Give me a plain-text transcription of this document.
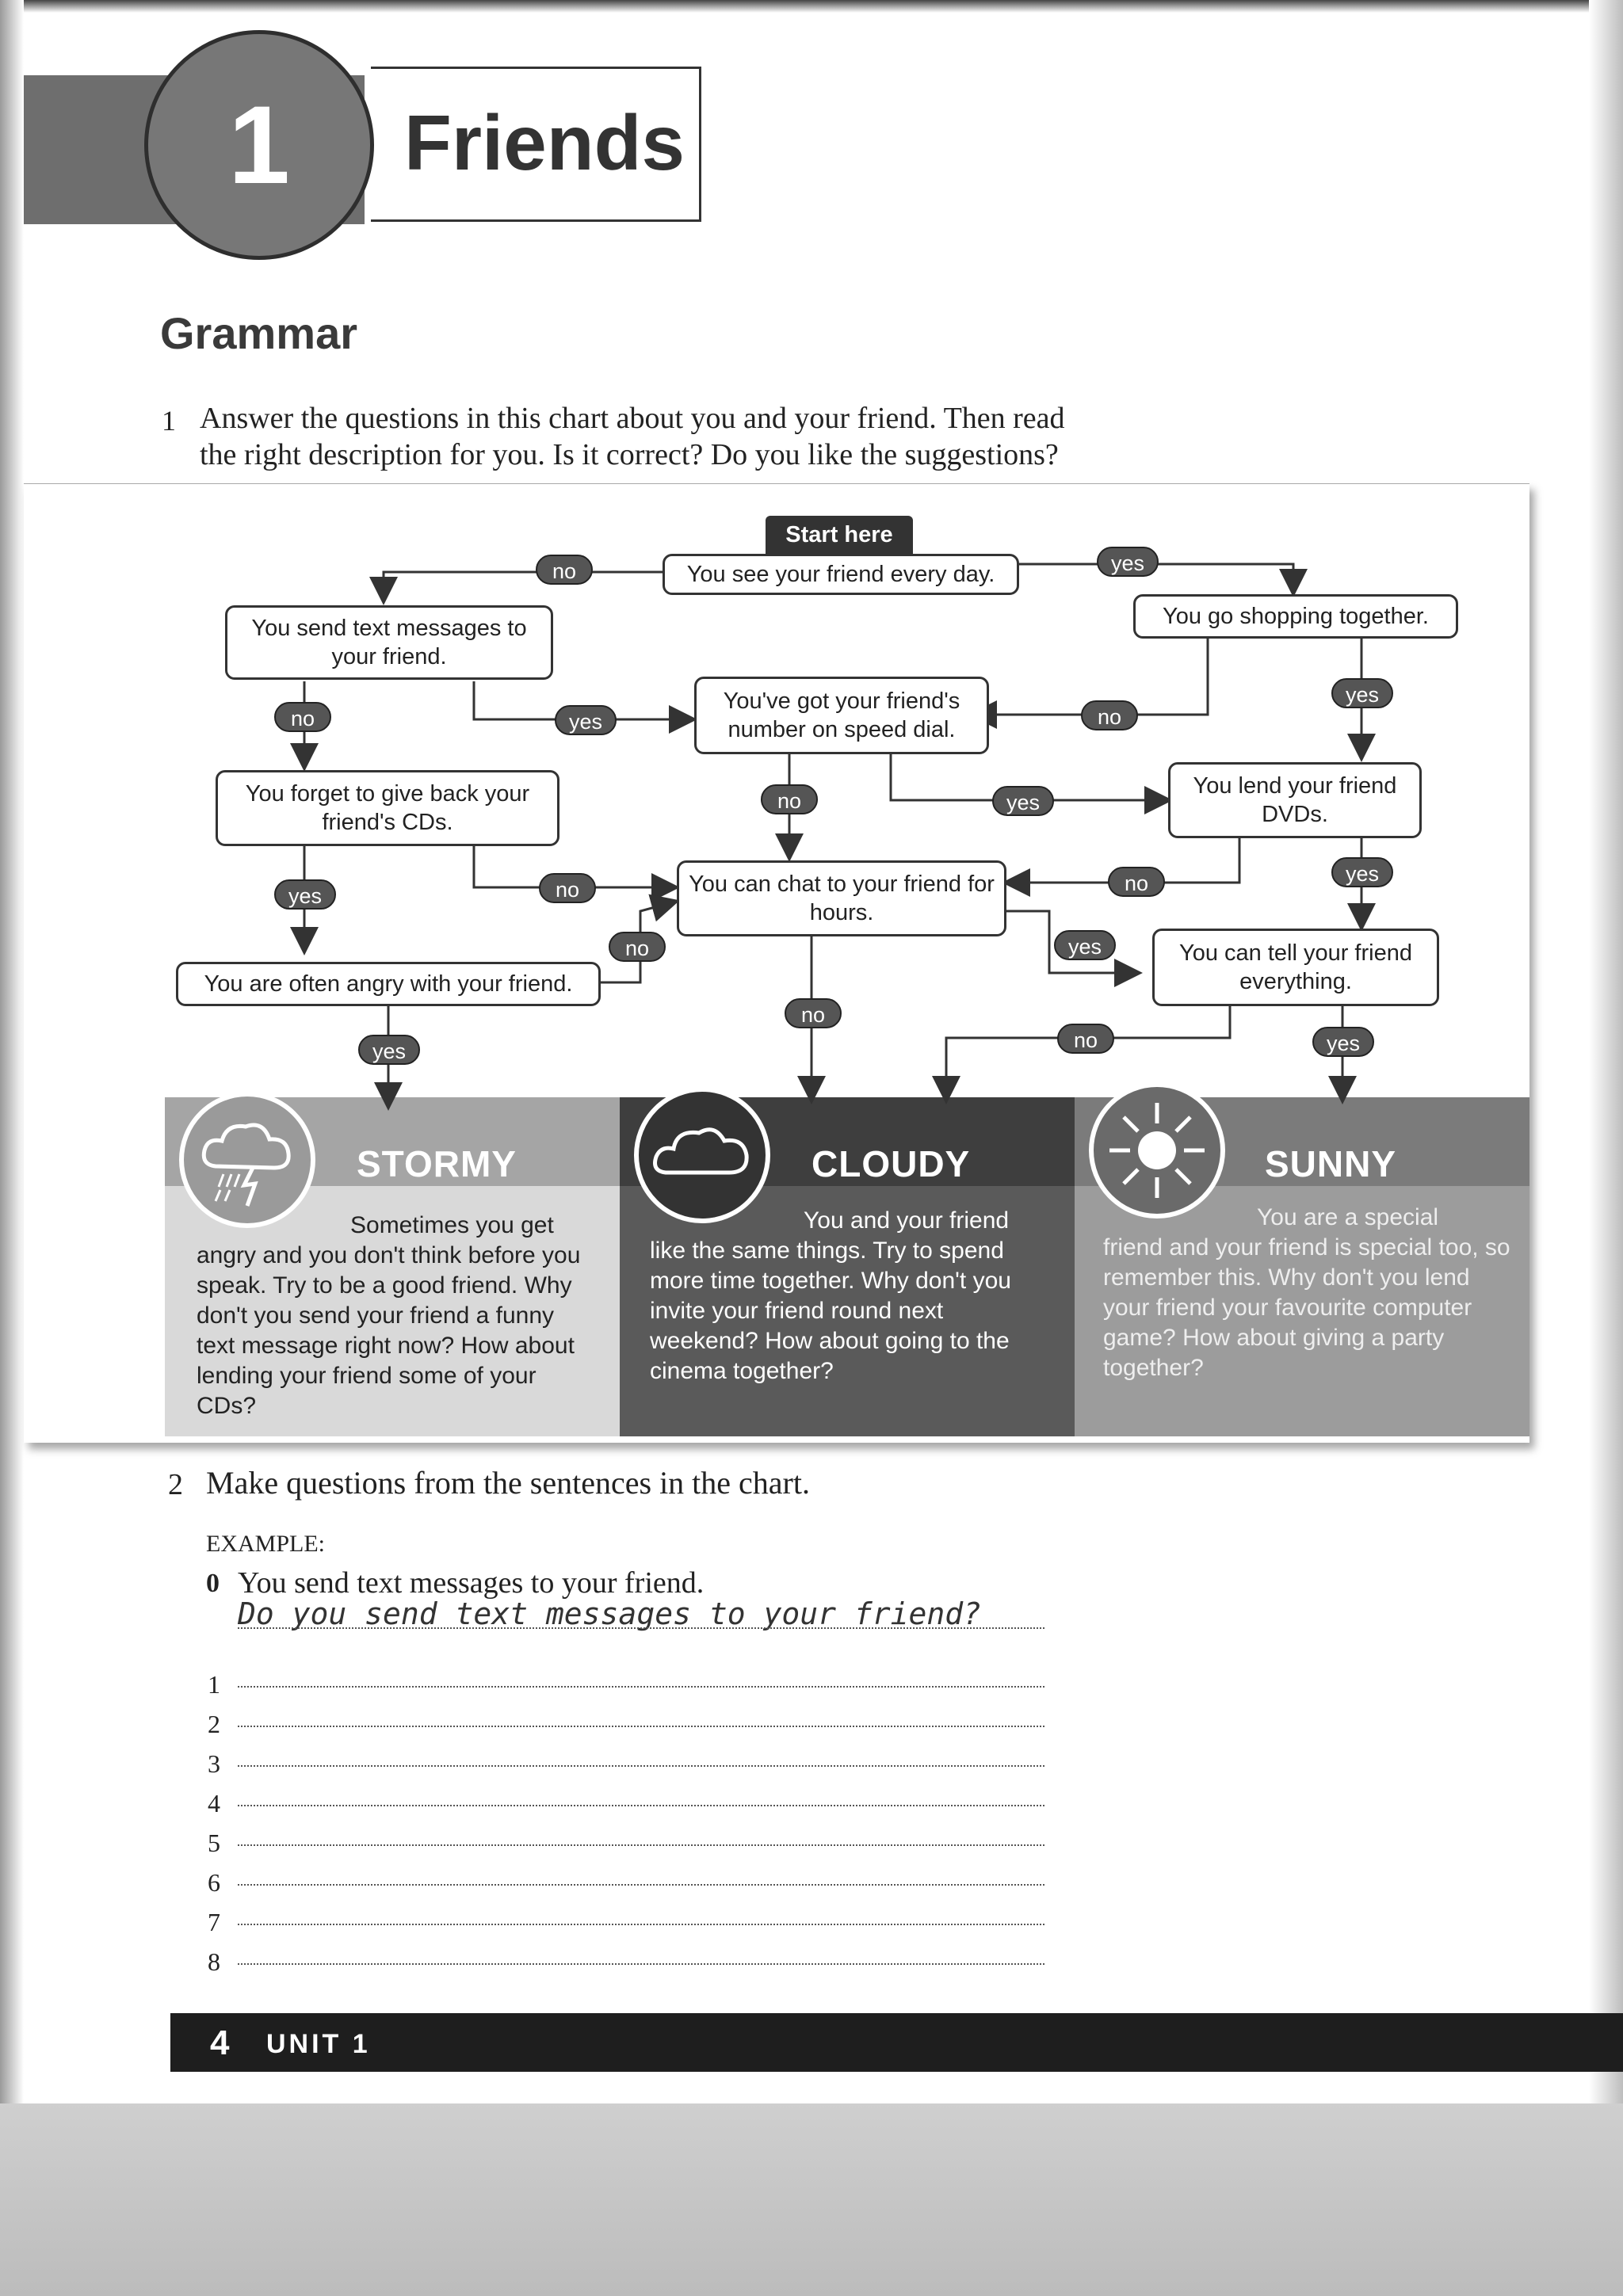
1	Friends
Grammar
1 Answer the questions in this chart about you and your friend. Then read
the right description for you. Is it correct? Do you like the suggestions?
Start here
You see your friend every day.
You send text messages to your friend.
You go shopping together.
You've got your friend's number on speed dial.
You forget to give back your friend's CDs.
You lend your friend DVDs.
You can chat to your friend for hours.
You are often angry with your friend.
You can tell your friend everything.
no	yes
no	yes	no
yes
no	yes
yes	no	no	yes
no	yes
no
no	yes
yes
STORMY	CLOUDY	SUNNY
Sometimes you get
angry and you don't think before you speak. Try to be a good friend. Why don't you send your friend a funny text message right now? How about lending your friend some of your CDs?
You and your friend
like the same things. Try to spend more time together. Why don't you invite your friend round next weekend? How about going to the cinema together?
You are a special
friend and your friend is special too, so remember this. Why don't you lend your friend your favourite computer game? How about giving a party together?
2 Make questions from the sentences in the chart.
EXAMPLE:
0 You send text messages to your friend.
Do you send text messages to your friend?
1
2
3
4
5
6
7
8
4 UNIT 1
